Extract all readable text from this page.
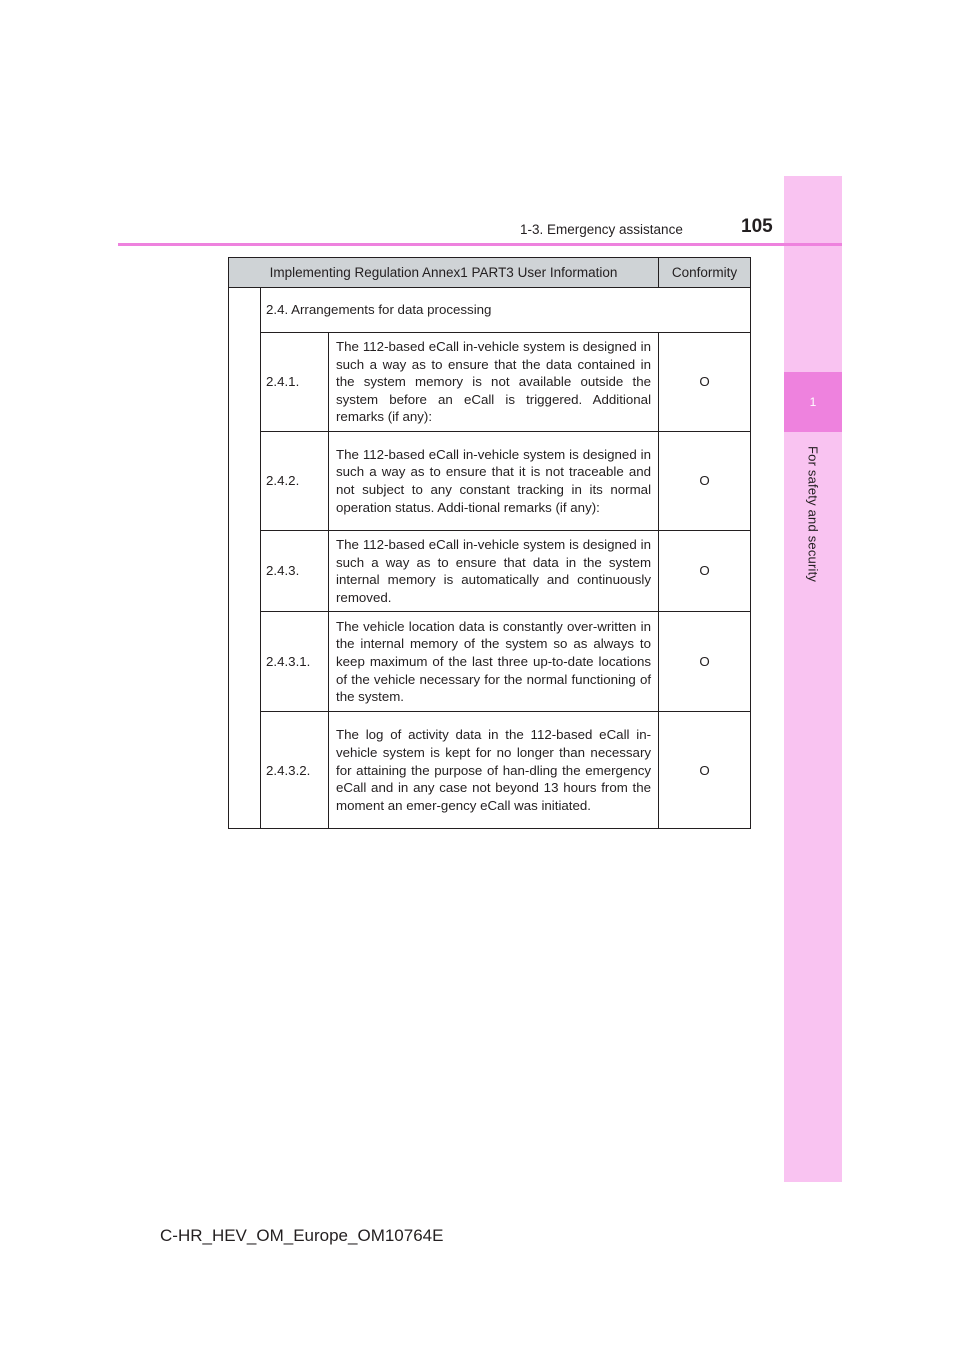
1
For safety and security
1-3. Emergency assistance	105
Implementing Regulation Annex1 PART3 User Information			Conformity
	2.4. Arrangements for data processing		
	2.4.1.	The 112-based eCall in-vehicle system is designed in such a way as to ensure that the data contained in the system memory is not available outside the system before an eCall is triggered. Additional remarks (if any):	O
	2.4.2.	The 112-based eCall in-vehicle system is designed in such a way as to ensure that it is not traceable and not subject to any constant tracking in its normal operation status. Addi-tional remarks (if any):	O
	2.4.3.	The 112-based eCall in-vehicle system is designed in such a way as to ensure that data in the system internal memory is automatically and continuously removed.	O
	2.4.3.1.	The vehicle location data is constantly over-written in the internal memory of the system so as always to keep maximum of the last three up-to-date locations of the vehicle necessary for the normal functioning of the system.	O
	2.4.3.2.	The log of activity data in the 112-based eCall in-vehicle system is kept for no longer than necessary for attaining the purpose of han-dling the emergency eCall and in any case not beyond 13 hours from the moment an emer-gency eCall was initiated.	O
C-HR_HEV_OM_Europe_OM10764E
